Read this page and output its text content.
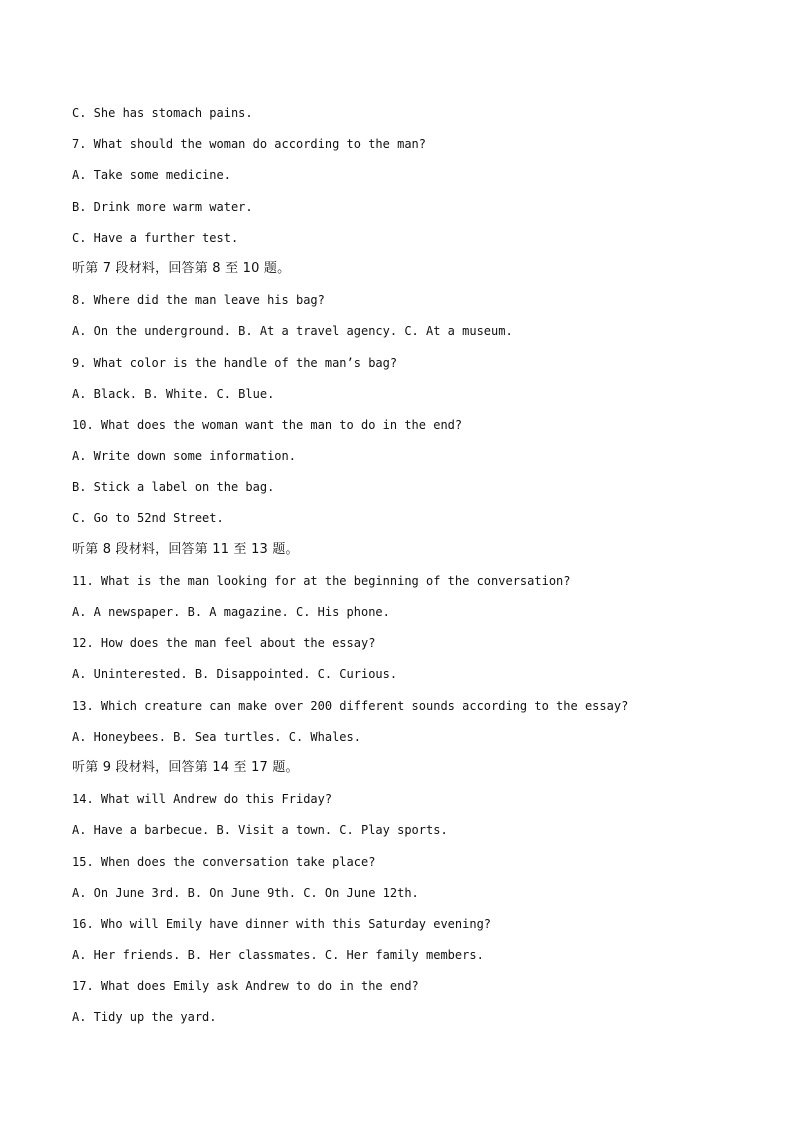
C. She has stomach pains.
7. What should the woman do according to the man?
A. Take some medicine.
B. Drink more warm water.
C. Have a further test.
听第 7 段材料，回答第 8 至 10 题。
8. Where did the man leave his bag?
A. On the underground. B. At a travel agency. C. At a museum.
9. What color is the handle of the man’s bag?
A. Black. B. White. C. Blue.
10. What does the woman want the man to do in the end?
A. Write down some information.
B. Stick a label on the bag.
C. Go to 52nd Street.
听第 8 段材料，回答第 11 至 13 题。
11. What is the man looking for at the beginning of the conversation?
A. A newspaper. B. A magazine. C. His phone.
12. How does the man feel about the essay?
A. Uninterested. B. Disappointed. C. Curious.
13. Which creature can make over 200 different sounds according to the essay?
A. Honeybees. B. Sea turtles. C. Whales.
听第 9 段材料，回答第 14 至 17 题。
14. What will Andrew do this Friday?
A. Have a barbecue. B. Visit a town. C. Play sports.
15. When does the conversation take place?
A. On June 3rd. B. On June 9th. C. On June 12th.
16. Who will Emily have dinner with this Saturday evening?
A. Her friends. B. Her classmates. C. Her family members.
17. What does Emily ask Andrew to do in the end?
A. Tidy up the yard.
